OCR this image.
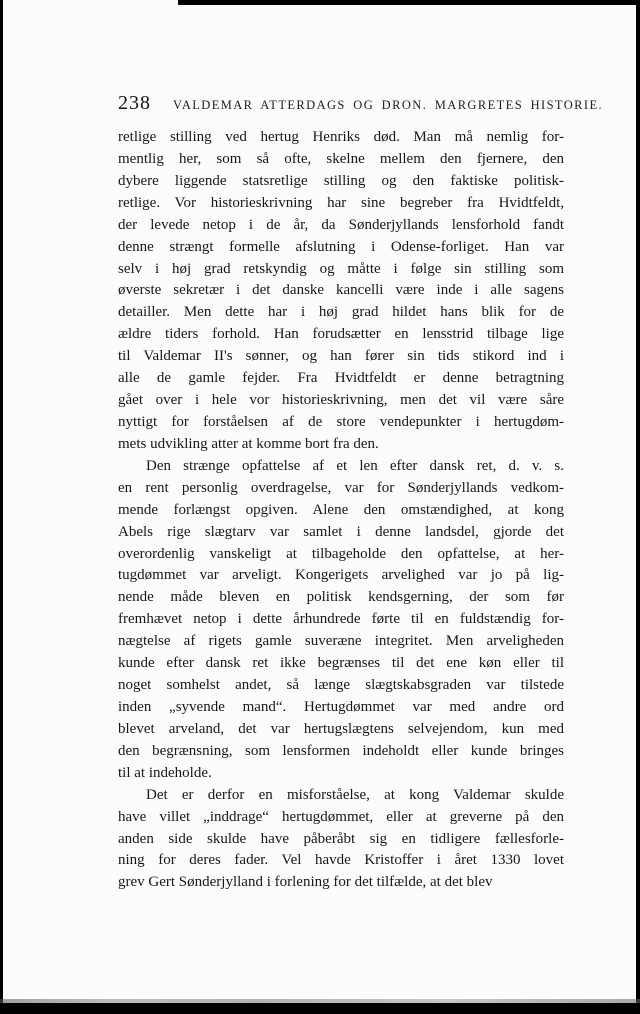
238 VALDEMAR ATTERDAGS OG DRON. MARGRETES HISTORIE.
retlige stilling ved hertug Henriks død. Man må nemlig for-
mentlig her, som så ofte, skelne mellem den fjernere, den
dybere liggende statsretlige stilling og den faktiske politisk-
retlige. Vor historieskrivning har sine begreber fra Hvidtfeldt,
der levede netop i de år, da Sønderjyllands lensforhold fandt
denne strængt formelle afslutning i Odense-forliget. Han var
selv i høj grad retskyndig og måtte i følge sin stilling som
øverste sekretær i det danske kancelli være inde i alle sagens
detailler. Men dette har i høj grad hildet hans blik for de
ældre tiders forhold. Han forudsætter en lensstrid tilbage lige
til Valdemar II's sønner, og han fører sin tids stikord ind i
alle de gamle fejder. Fra Hvidtfeldt er denne betragtning
gået over i hele vor historieskrivning, men det vil være såre
nyttigt for forståelsen af de store vendepunkter i hertugdøm-
mets udvikling atter at komme bort fra den.
Den strænge opfattelse af et len efter dansk ret, d. v. s.
en rent personlig overdragelse, var for Sønderjyllands vedkom-
mende forlængst opgiven. Alene den omstændighed, at kong
Abels rige slægtarv var samlet i denne landsdel, gjorde det
overordenlig vanskeligt at tilbageholde den opfattelse, at her-
tugdømmet var arveligt. Kongerigets arvelighed var jo på lig-
nende måde bleven en politisk kendsgerning, der som før
fremhævet netop i dette århundrede førte til en fuldstændig for-
nægtelse af rigets gamle suveræne integritet. Men arveligheden
kunde efter dansk ret ikke begrænses til det ene køn eller til
noget somhelst andet, så længe slægtskabsgraden var tilstede
inden „syvende mand“. Hertugdømmet var med andre ord
blevet arveland, det var hertugslægtens selvejendom, kun med
den begrænsning, som lensformen indeholdt eller kunde bringes
til at indeholde.
Det er derfor en misforståelse, at kong Valdemar skulde
have villet „inddrage“ hertugdømmet, eller at greverne på den
anden side skulde have påberåbt sig en tidligere fællesforle-
ning for deres fader. Vel havde Kristoffer i året 1330 lovet
grev Gert Sønderjylland i forlening for det tilfælde, at det blev
